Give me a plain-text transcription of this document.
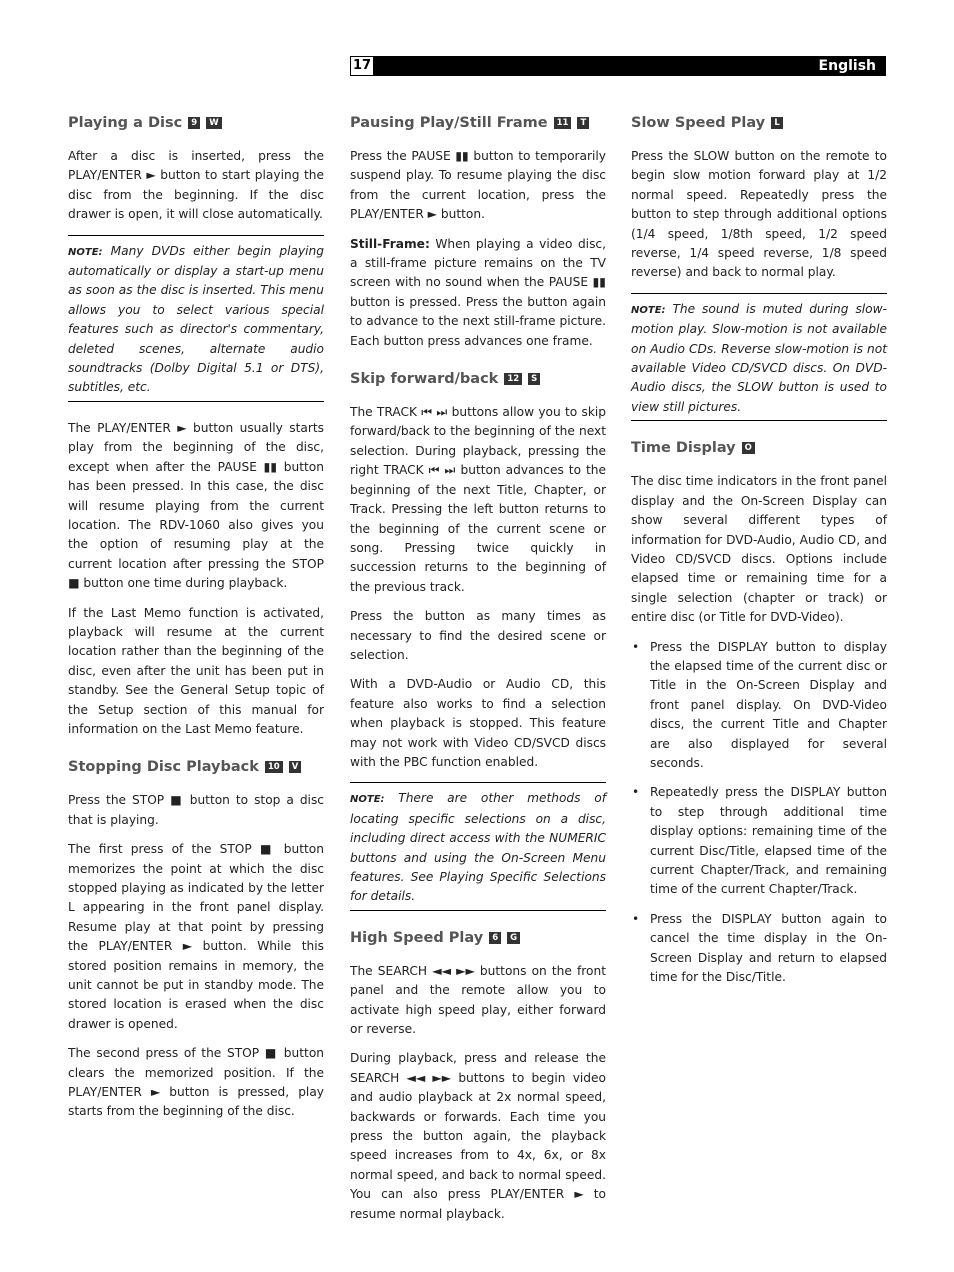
17	English
Playing a Disc	9	W

After a disc is inserted, press the PLAY/ENTER ► button to start playing the disc from the beginning. If the disc drawer is open, it will close automatically.

NOTE: Many DVDs either begin playing automatically or display a start-up menu as soon as the disc is inserted. This menu allows you to select various special features such as director's commentary, deleted scenes, alternate audio soundtracks (Dolby Digital 5.1 or DTS), subtitles, etc.

The PLAY/ENTER ► button usually starts play from the beginning of the disc, except when after the PAUSE ▮▮ button has been pressed. In this case, the disc will resume playing from the current location. The RDV-1060 also gives you the option of resuming play at the current location after pressing the STOP ■ button one time during playback.

If the Last Memo function is activated, playback will resume at the current location rather than the beginning of the disc, even after the unit has been put in standby. See the General Setup topic of the Setup section of this manual for information on the Last Memo feature.

Stopping Disc Playback	10	V

Press the STOP ■ button to stop a disc that is playing.

The first press of the STOP ■ button memorizes the point at which the disc stopped playing as indicated by the letter L appearing in the front panel display. Resume play at that point by pressing the PLAY/ENTER ► button. While this stored position remains in memory, the unit cannot be put in standby mode. The stored location is erased when the disc drawer is opened.

The second press of the STOP ■ button clears the memorized position. If the PLAY/ENTER ► button is pressed, play starts from the beginning of the disc.

Pausing Play/Still Frame	11	T

Press the PAUSE ▮▮ button to temporarily suspend play. To resume playing the disc from the current location, press the PLAY/ENTER ► button.

Still-Frame: When playing a video disc, a still-frame picture remains on the TV screen with no sound when the PAUSE ▮▮ button is pressed. Press the button again to advance to the next still-frame picture. Each button press advances one frame.

Skip forward/back	12	S

The TRACK ⏮ ⏭ buttons allow you to skip forward/back to the beginning of the next selection. During playback, pressing the right TRACK ⏮ ⏭ button advances to the beginning of the next Title, Chapter, or Track. Pressing the left button returns to the beginning of the current scene or song. Pressing twice quickly in succession returns to the beginning of the previous track.

Press the button as many times as necessary to find the desired scene or selection.

With a DVD-Audio or Audio CD, this feature also works to find a selection when playback is stopped. This feature may not work with Video CD/SVCD discs with the PBC function enabled.

NOTE: There are other methods of locating specific selections on a disc, including direct access with the NUMERIC buttons and using the On-Screen Menu features. See Playing Specific Selections for details.
High Speed Play	6	G

The SEARCH ◄◄ ►► buttons on the front panel and the remote allow you to activate high speed play, either forward or reverse.

During playback, press and release the SEARCH ◄◄ ►► buttons to begin video and audio playback at 2x normal speed, backwards or forwards. Each time you press the button again, the playback speed increases from to 4x, 6x, or 8x normal speed, and back to normal speed. You can also press PLAY/ENTER ► to resume normal playback.

Slow Speed Play	L

Press the SLOW button on the remote to begin slow motion forward play at 1/2 normal speed. Repeatedly press the button to step through additional options (1/4 speed, 1/8th speed, 1/2 speed reverse, 1/4 speed reverse, 1/8 speed reverse) and back to normal play.

NOTE: The sound is muted during slow-motion play. Slow-motion is not available on Audio CDs. Reverse slow-motion is not available Video CD/SVCD discs. On DVD-Audio discs, the SLOW button is used to view still pictures.
Time Display	O

The disc time indicators in the front panel display and the On-Screen Display can show several different types of information for DVD-Audio, Audio CD, and Video CD/SVCD discs. Options include elapsed time or remaining time for a single selection (chapter or track) or entire disc (or Title for DVD-Video).

• Press the DISPLAY button to display the elapsed time of the current disc or Title in the On-Screen Display and front panel display. On DVD-Video discs, the current Title and Chapter are also displayed for several seconds.
• Repeatedly press the DISPLAY button to step through additional time display options: remaining time of the current Disc/Title, elapsed time of the current Chapter/Track, and remaining time of the current Chapter/Track.
• Press the DISPLAY button again to cancel the time display in the On-Screen Display and return to elapsed time for the Disc/Title.
